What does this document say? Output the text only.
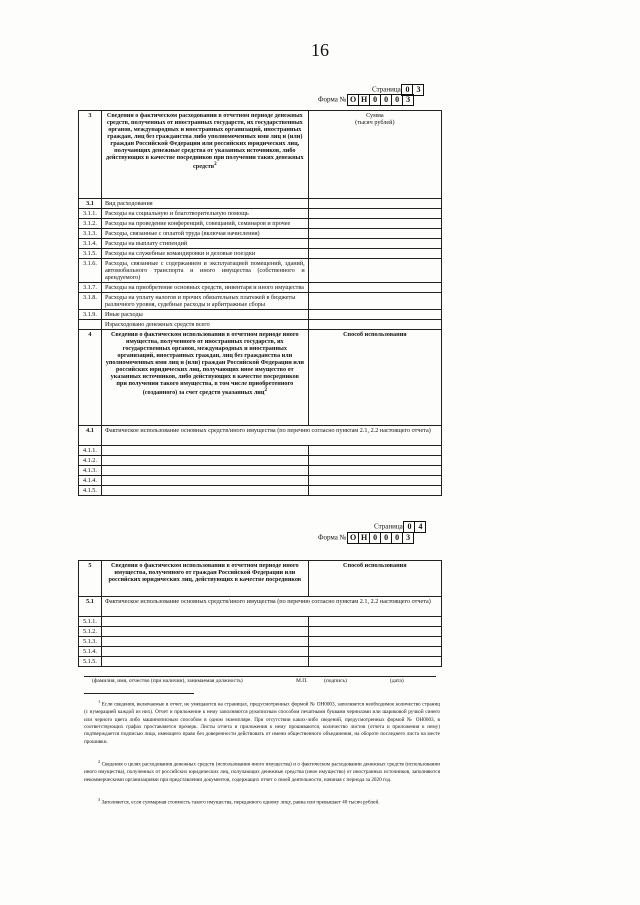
16
Страница 0 3
Форма № О Н 0 0 0 3
3	Сведения о фактическом расходовании в отчетном периоде денежных средств, полученных от иностранных государств, их государственных органов, международных и иностранных организаций, иностранных граждан, лиц без гражданства либо уполномоченных ими лиц и (или) граждан Российской Федерации или российских юридических лиц, получающих денежные средства от указанных источников, либо действующих в качестве посредников при получении таких денежных средств$^2$	Сумма
(тысяч рублей)

3.1	Вид расходования	
3.1.1.	Расходы на социальную и благотворительную помощь	
3.1.2.	Расходы на проведение конференций, совещаний, семинаров и прочее	
3.1.3.	Расходы, связанные с оплатой труда (включая начисления)	
3.1.4.	Расходы на выплату стипендий	
3.1.5.	Расходы на служебные командировки и деловые поездки	
3.1.6.	Расходы, связанные с содержанием и эксплуатацией помещений, зданий, автомобильного транспорта и иного имущества (собственного и арендуемого)	
3.1.7.	Расходы на приобретение основных средств, инвентаря и иного имущества	
3.1.8.	Расходы на уплату налогов и прочих обязательных платежей в бюджеты различного уровня, судебные расходы и арбитражные сборы	
3.1.9.	Иные расходы	
	Израсходовано денежных средств всего	
4	Сведения о фактическом использовании в отчетном периоде иного имущества, полученного от иностранных государств, их государственных органов, международных и иностранных организаций, иностранных граждан, лиц без гражданства или уполномоченных ими лиц и (или) граждан Российской Федерации или российских юридических лиц, получающих иное имущество от указанных источников, либо действующих в качестве посредников при получении такого имущества, в том числе приобретенного (созданного) за счет средств указанных лиц$^2$	Способ использования
4.1	Фактическое использование основных средств/иного имущества (по перечню согласно пунктам 2.1, 2.2 настоящего отчета)	
4.1.1.		
4.1.2.		
4.1.3.		
4.1.4.		
4.1.5.		
Страница 0 4
Форма № О Н 0 0 0 3
5	Сведения о фактическом использовании в отчетном периоде иного имущества, полученного от граждан Российской Федерации или российских юридических лиц, действующих в качестве посредников	Способ использования
5.1	Фактическое использование основных средств/иного имущества (по перечню согласно пунктам 2.1, 2.2 настоящего отчета)	
5.1.1.		
5.1.2.		
5.1.3.		
5.1.4.		
5.1.5.		
(фамилия, имя, отчество (при наличии), занимаемая должность)	М.П.	(подпись)	(дата)
$^1$ Если сведения, включаемые в отчет, не умещаются на страницах, предусмотренных формой № ОН0003, заполняется необходимое количество страниц (с нумерацией каждой из них). Отчет и приложение к нему заполняются рукописным способом печатными буквами чернилами или шариковой ручкой синего или черного цвета либо машинописным способом в одном экземпляре. При отсутствии каких-либо сведений, предусмотренных формой № ОН0003, в соответствующих графах проставляется прочерк. Листы отчета и приложения к нему прошиваются, количество листов (отчета и приложения к нему) подтверждается подписью лица, имеющего право без доверенности действовать от имени общественного объединения, на обороте последнего листа на месте прошивки.
$^2$ Сведения о целях расходования денежных средств (использования иного имущества) и о фактическом расходовании денежных средств (использовании иного имущества), полученных от российских юридических лиц, получающих денежные средства (иное имущество) от иностранных источников, заполняются некоммерческими организациями при представлении документов, содержащих отчет о своей деятельности, начиная с периода за 2020 год.
$^3$ Заполняется, если суммарная стоимость такого имущества, переданного одному лицу, равна или превышает 40 тысяч рублей.
